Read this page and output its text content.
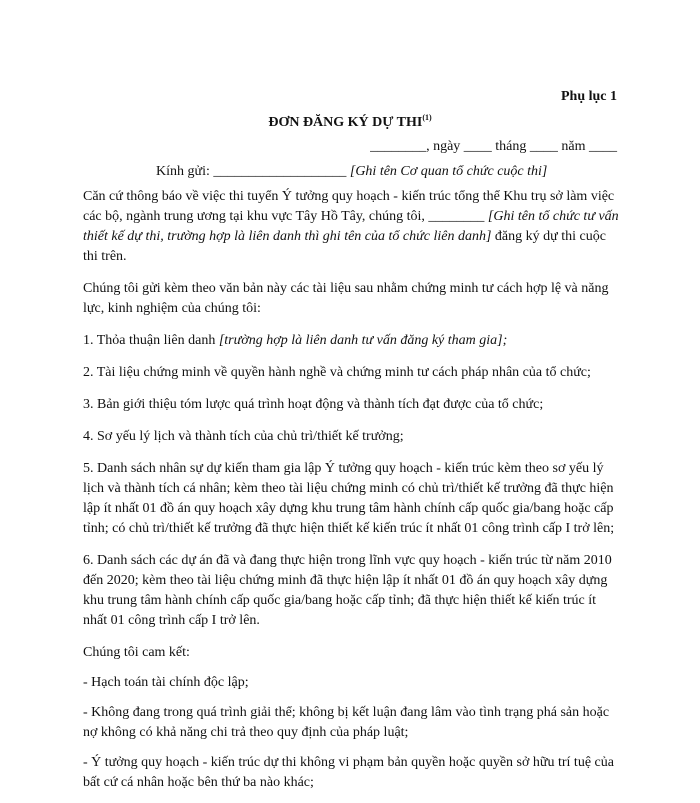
Phụ lục 1
ĐƠN ĐĂNG KÝ DỰ THI$^{(1)}$
________, ngày ____ tháng ____ năm ____
Kính gửi: ___________________ [Ghi tên Cơ quan tổ chức cuộc thi]

Căn cứ thông báo về việc thi tuyển Ý tưởng quy hoạch - kiến trúc tổng thể Khu trụ sở làm việc các bộ, ngành trung ương tại khu vực Tây Hồ Tây, chúng tôi, ________ [Ghi tên tổ chức tư vấn thiết kế dự thi, trường hợp là liên danh thì ghi tên của tổ chức liên danh] đăng ký dự thi cuộc thi trên.

Chúng tôi gửi kèm theo văn bản này các tài liệu sau nhằm chứng minh tư cách hợp lệ và năng lực, kinh nghiệm của chúng tôi:

1. Thỏa thuận liên danh [trường hợp là liên danh tư vấn đăng ký tham gia];

2. Tài liệu chứng minh về quyền hành nghề và chứng minh tư cách pháp nhân của tổ chức;

3. Bản giới thiệu tóm lược quá trình hoạt động và thành tích đạt được của tổ chức;

4. Sơ yếu lý lịch và thành tích của chủ trì/thiết kế trưởng;

5. Danh sách nhân sự dự kiến tham gia lập Ý tưởng quy hoạch - kiến trúc kèm theo sơ yếu lý lịch và thành tích cá nhân; kèm theo tài liệu chứng minh có chủ trì/thiết kế trưởng đã thực hiện lập ít nhất 01 đồ án quy hoạch xây dựng khu trung tâm hành chính cấp quốc gia/bang hoặc cấp tỉnh; có chủ trì/thiết kế trưởng đã thực hiện thiết kế kiến trúc ít nhất 01 công trình cấp I trở lên;

6. Danh sách các dự án đã và đang thực hiện trong lĩnh vực quy hoạch - kiến trúc từ năm 2010 đến 2020; kèm theo tài liệu chứng minh đã thực hiện lập ít nhất 01 đồ án quy hoạch xây dựng khu trung tâm hành chính cấp quốc gia/bang hoặc cấp tỉnh; đã thực hiện thiết kế kiến trúc ít nhất 01 công trình cấp I trở lên.

Chúng tôi cam kết:

- Hạch toán tài chính độc lập;

- Không đang trong quá trình giải thể; không bị kết luận đang lâm vào tình trạng phá sản hoặc nợ không có khả năng chi trả theo quy định của pháp luật;

- Ý tưởng quy hoạch - kiến trúc dự thi không vi phạm bản quyền hoặc quyền sở hữu trí tuệ của bất cứ cá nhân hoặc bên thứ ba nào khác;
